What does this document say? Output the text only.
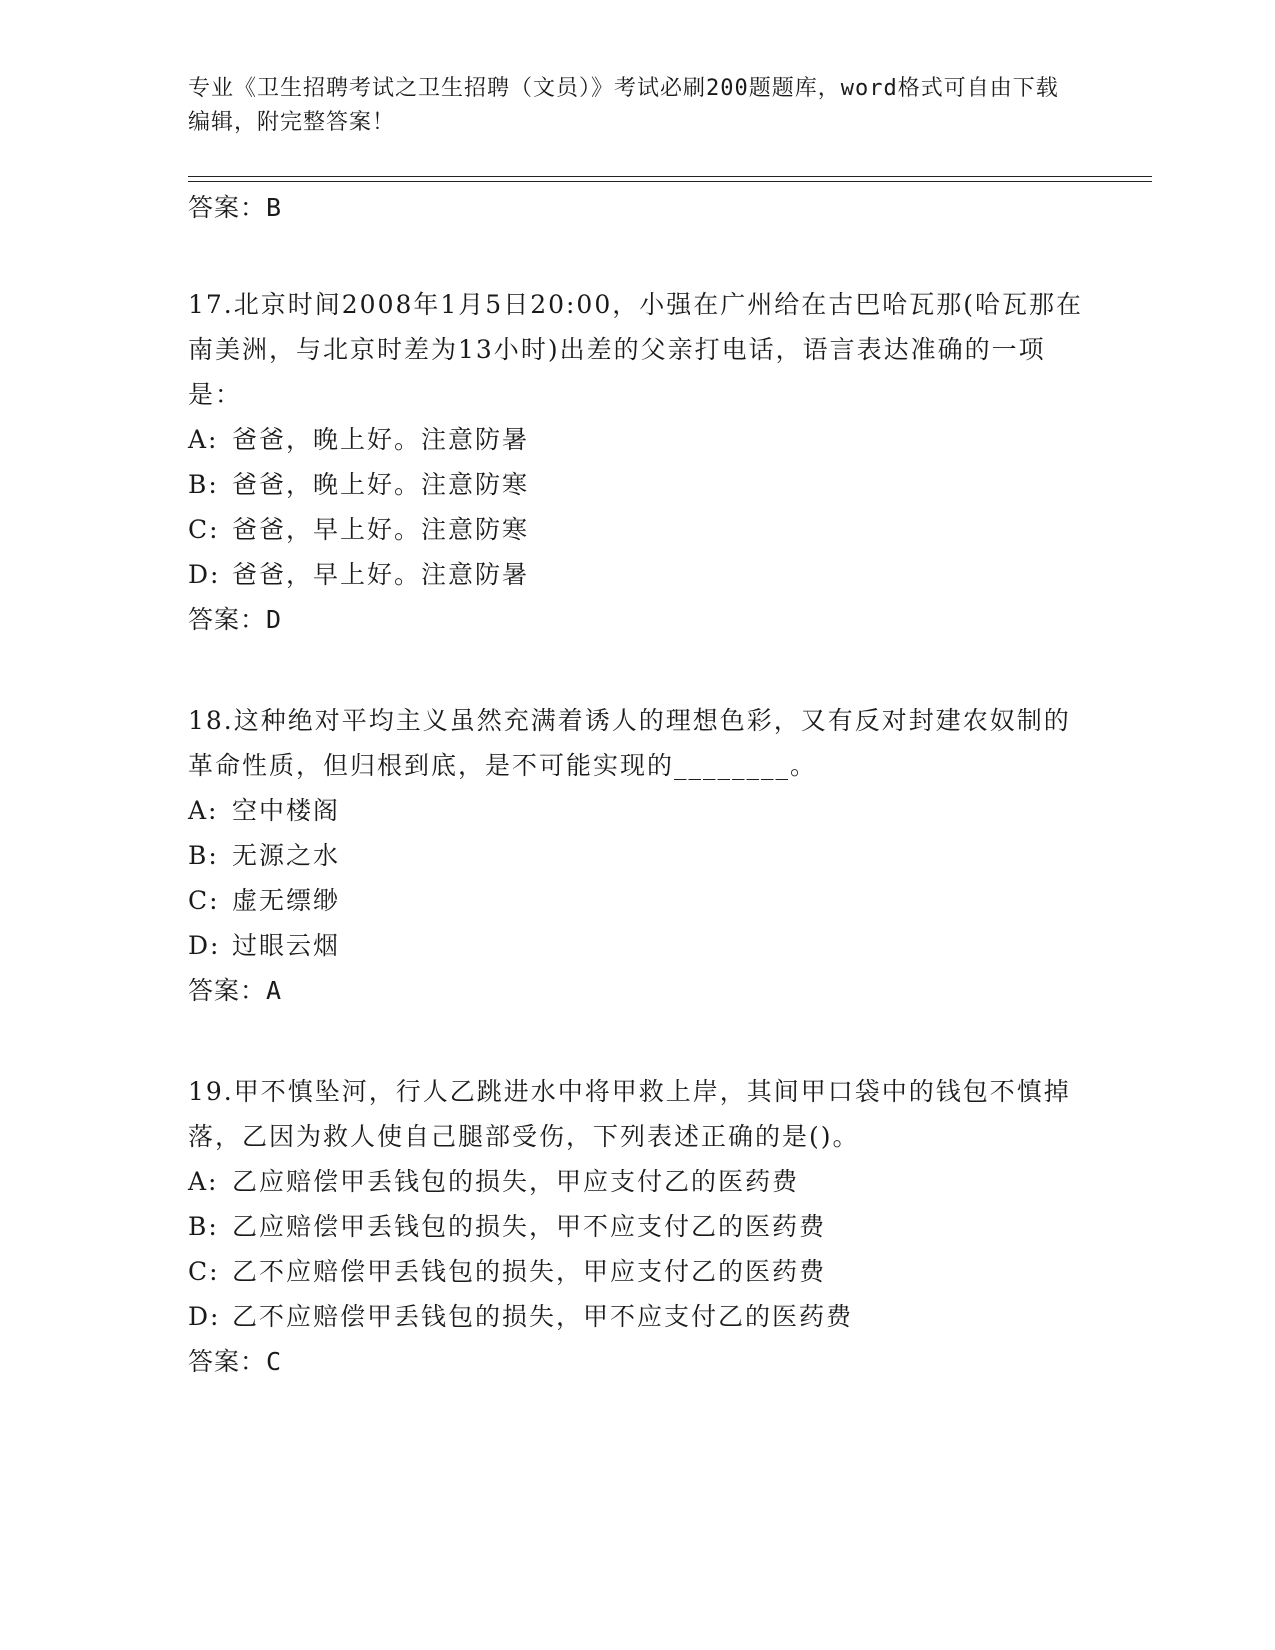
专业《卫生招聘考试之卫生招聘（文员）》考试必刷200题题库，word格式可自由下载编辑，附完整答案！
答案：B
17.北京时间2008年1月5日20:00，小强在广州给在古巴哈瓦那(哈瓦那在南美洲，与北京时差为13小时)出差的父亲打电话，语言表达准确的一项是：
A: 爸爸，晚上好。注意防暑
B: 爸爸，晚上好。注意防寒
C: 爸爸，早上好。注意防寒
D: 爸爸，早上好。注意防暑
答案：D
18.这种绝对平均主义虽然充满着诱人的理想色彩，又有反对封建农奴制的革命性质，但归根到底，是不可能实现的________。
A: 空中楼阁
B: 无源之水
C: 虚无缥缈
D: 过眼云烟
答案：A
19.甲不慎坠河，行人乙跳进水中将甲救上岸，其间甲口袋中的钱包不慎掉落，乙因为救人使自己腿部受伤，下列表述正确的是()。
A: 乙应赔偿甲丢钱包的损失，甲应支付乙的医药费
B: 乙应赔偿甲丢钱包的损失，甲不应支付乙的医药费
C: 乙不应赔偿甲丢钱包的损失，甲应支付乙的医药费
D: 乙不应赔偿甲丢钱包的损失，甲不应支付乙的医药费
答案：C
